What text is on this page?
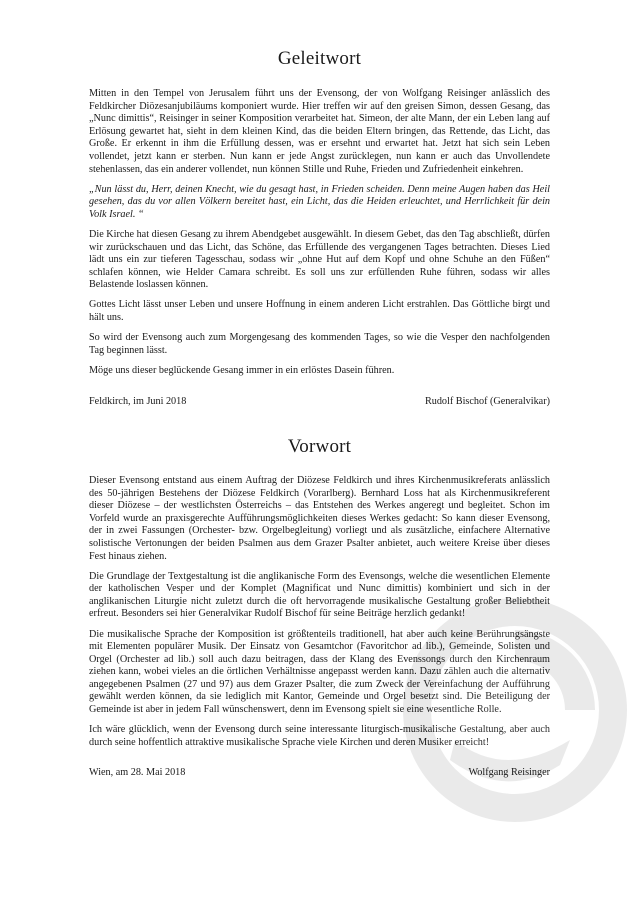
Geleitwort

Mitten in den Tempel von Jerusalem führt uns der Evensong, der von Wolfgang Reisinger anlässlich des Feldkircher Diözesanjubiläums komponiert wurde. Hier treffen wir auf den greisen Simon, dessen Gesang, das „Nunc dimittis“, Reisinger in seiner Komposition verarbeitet hat. Simeon, der alte Mann, der ein Leben lang auf Erlösung gewartet hat, sieht in dem kleinen Kind, das die beiden Eltern bringen, das Rettende, das Licht, das Große. Er erkennt in ihm die Erfüllung dessen, was er ersehnt und erwartet hat. Jetzt hat sich sein Leben vollendet, jetzt kann er sterben. Nun kann er jede Angst zurücklegen, nun kann er auch das Unvollendete stehenlassen, das ein anderer vollendet, nun können Stille und Ruhe, Frieden und Zufriedenheit einkehren.

„Nun lässt du, Herr, deinen Knecht, wie du gesagt hast, in Frieden scheiden. Denn meine Augen haben das Heil gesehen, das du vor allen Völkern bereitet hast, ein Licht, das die Heiden erleuchtet, und Herrlichkeit für dein Volk Israel. “

Die Kirche hat diesen Gesang zu ihrem Abendgebet ausgewählt. In diesem Gebet, das den Tag abschließt, dürfen wir zurückschauen und das Licht, das Schöne, das Erfüllende des vergangenen Tages betrachten. Dieses Lied lädt uns ein zur tieferen Tagesschau, sodass wir „ohne Hut auf dem Kopf und ohne Schuhe an den Füßen“ schlafen können, wie Helder Camara schreibt. Es soll uns zur erfüllenden Ruhe führen, sodass wir alles Belastende loslassen können.

Gottes Licht lässt unser Leben und unsere Hoffnung in einem anderen Licht erstrahlen. Das Göttliche birgt und hält uns.

So wird der Evensong auch zum Morgengesang des kommenden Tages, so wie die Vesper den nachfolgenden Tag beginnen lässt.

Möge uns dieser beglückende Gesang immer in ein erlöstes Dasein führen.

Feldkirch, im Juni 2018	Rudolf Bischof (Generalvikar)
Vorwort

Dieser Evensong entstand aus einem Auftrag der Diözese Feldkirch und ihres Kirchenmusikreferats anlässlich des 50-jährigen Bestehens der Diözese Feldkirch (Vorarlberg). Bernhard Loss hat als Kirchenmusikreferent dieser Diözese – der westlichsten Österreichs – das Entstehen des Werkes angeregt und begleitet. Schon im Vorfeld wurde an praxisgerechte Aufführungsmöglichkeiten dieses Werkes gedacht: So kann dieser Evensong, der in zwei Fassungen (Orchester- bzw. Orgelbegleitung) vorliegt und als zusätzliche, einfachere Alternative solistische Vertonungen der beiden Psalmen aus dem Grazer Psalter anbietet, auch weitere Kreise über dieses Fest hinaus ziehen.

Die Grundlage der Textgestaltung ist die anglikanische Form des Evensongs, welche die wesentlichen Elemente der katholischen Vesper und der Komplet (Magnificat und Nunc dimittis) kombiniert und sich in der anglikanischen Liturgie nicht zuletzt durch die oft hervorragende musikalische Gestaltung großer Beliebtheit erfreut. Besonders sei hier Generalvikar Rudolf Bischof für seine Beiträge herzlich gedankt!

Die musikalische Sprache der Komposition ist größtenteils traditionell, hat aber auch keine Berührungsängste mit Elementen populärer Musik. Der Einsatz von Gesamtchor (Favoritchor ad lib.), Gemeinde, Solisten und Orgel (Orchester ad lib.) soll auch dazu beitragen, dass der Klang des Evenssongs durch den Kirchenraum ziehen kann, wobei vieles an die örtlichen Verhältnisse angepasst werden kann. Dazu zählen auch die alternativ angegebenen Psalmen (27 und 97) aus dem Grazer Psalter, die zum Zweck der Vereinfachung der Aufführung gewählt werden können, da sie lediglich mit Kantor, Gemeinde und Orgel besetzt sind. Die Beteiligung der Gemeinde ist aber in jedem Fall wünschenswert, denn im Evensong spielt sie eine wesentliche Rolle.

Ich wäre glücklich, wenn der Evensong durch seine interessante liturgisch-musikalische Gestaltung, aber auch durch seine hoffentlich attraktive musikalische Sprache viele Kirchen und deren Musiker erreicht!

Wien, am 28. Mai 2018	Wolfgang Reisinger
